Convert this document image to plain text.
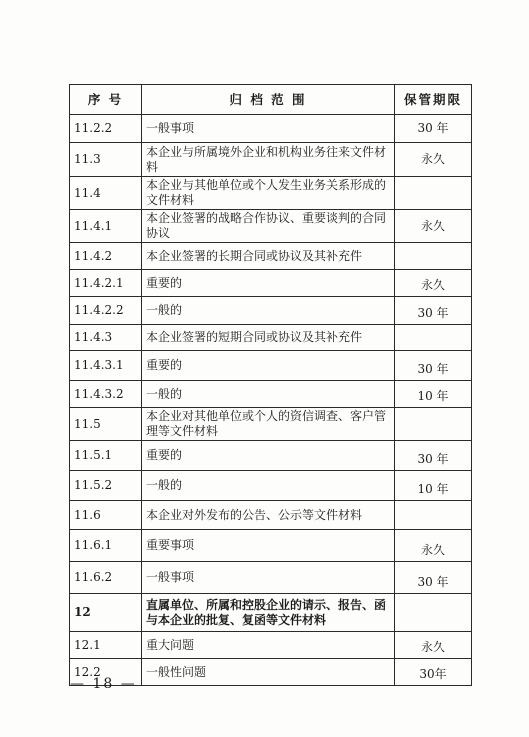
序 号	归 档 范 围	保管期限
11.2.2	一般事项	30 年
11.3	本企业与所属境外企业和机构业务往来文件材料	永久
11.4	本企业与其他单位或个人发生业务关系形成的文件材料	
11.4.1	本企业签署的战略合作协议、重要谈判的合同协议	永久
11.4.2	本企业签署的长期合同或协议及其补充件	
11.4.2.1	重要的	永久
11.4.2.2	一般的	30 年
11.4.3	本企业签署的短期合同或协议及其补充件	
11.4.3.1	重要的	30 年
11.4.3.2	一般的	10 年
11.5	本企业对其他单位或个人的资信调查、客户管理等文件材料	
11.5.1	重要的	30 年
11.5.2	一般的	10 年
11.6	本企业对外发布的公告、公示等文件材料	
11.6.1	重要事项	永久
11.6.2	一般事项	30 年
12	直属单位、所属和控股企业的请示、报告、函与本企业的批复、复函等文件材料	
12.1	重大问题	永久
12.2	一般性问题	30年
— 18 —
